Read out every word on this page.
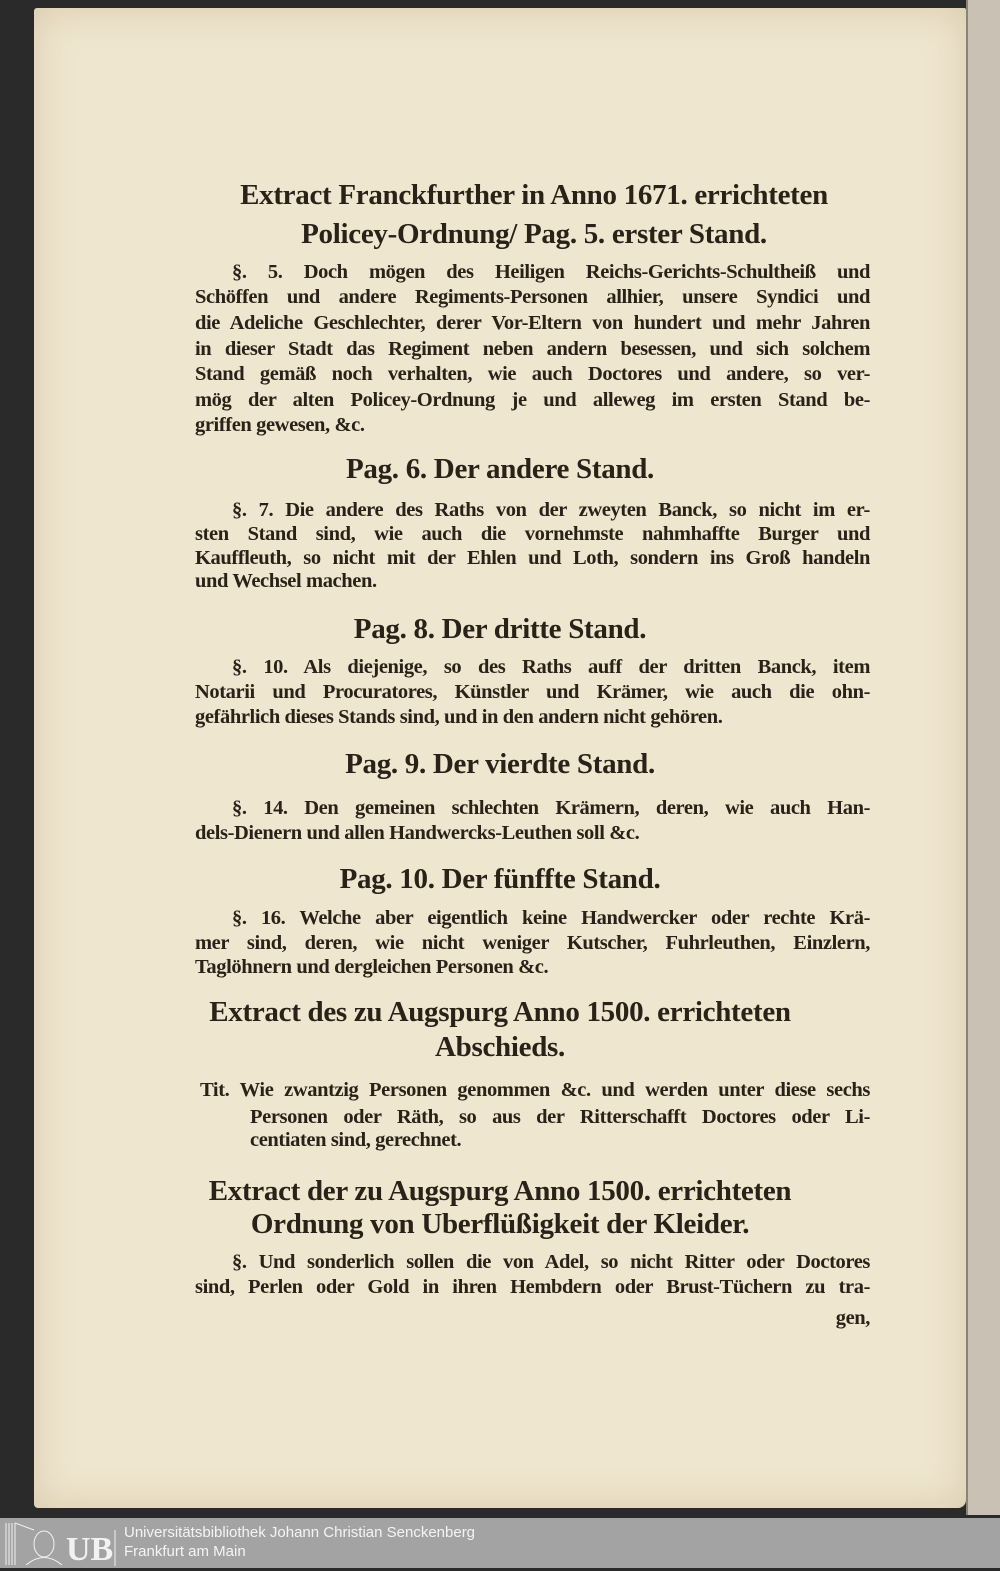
Extract Franckfurther in Anno 1671. errichteten
Policey-Ordnung/ Pag. 5. erster Stand.
§. 5. Doch mögen des Heiligen Reichs-Gerichts-Schultheiß und
Schöffen und andere Regiments-Personen allhier, unsere Syndici und
die Adeliche Geschlechter, derer Vor-Eltern von hundert und mehr Jahren
in dieser Stadt das Regiment neben andern besessen, und sich solchem
Stand gemäß noch verhalten, wie auch Doctores und andere, so ver-
mög der alten Policey-Ordnung je und alleweg im ersten Stand be-
griffen gewesen, &c.
Pag. 6. Der andere Stand.
§. 7. Die andere des Raths von der zweyten Banck, so nicht im er-
sten Stand sind, wie auch die vornehmste nahmhaffte Burger und
Kauffleuth, so nicht mit der Ehlen und Loth, sondern ins Groß handeln
und Wechsel machen.
Pag. 8. Der dritte Stand.
§. 10. Als diejenige, so des Raths auff der dritten Banck, item
Notarii und Procuratores, Künstler und Krämer, wie auch die ohn-
gefährlich dieses Stands sind, und in den andern nicht gehören.
Pag. 9. Der vierdte Stand.
§. 14. Den gemeinen schlechten Krämern, deren, wie auch Han-
dels-Dienern und allen Handwercks-Leuthen soll &c.
Pag. 10. Der fünffte Stand.
§. 16. Welche aber eigentlich keine Handwercker oder rechte Krä-
mer sind, deren, wie nicht weniger Kutscher, Fuhrleuthen, Einzlern,
Taglöhnern und dergleichen Personen &c.
Extract des zu Augspurg Anno 1500. errichteten
Abschieds.
Tit. Wie zwantzig Personen genommen &c. und werden unter diese sechs
Personen oder Räth, so aus der Ritterschafft Doctores oder Li-
centiaten sind, gerechnet.
Extract der zu Augspurg Anno 1500. errichteten
Ordnung von Uberflüßigkeit der Kleider.
§. Und sonderlich sollen die von Adel, so nicht Ritter oder Doctores
sind, Perlen oder Gold in ihren Hembdern oder Brust-Tüchern zu tra-
gen,
UB Universitätsbibliothek Johann Christian Senckenberg
Frankfurt am Main
